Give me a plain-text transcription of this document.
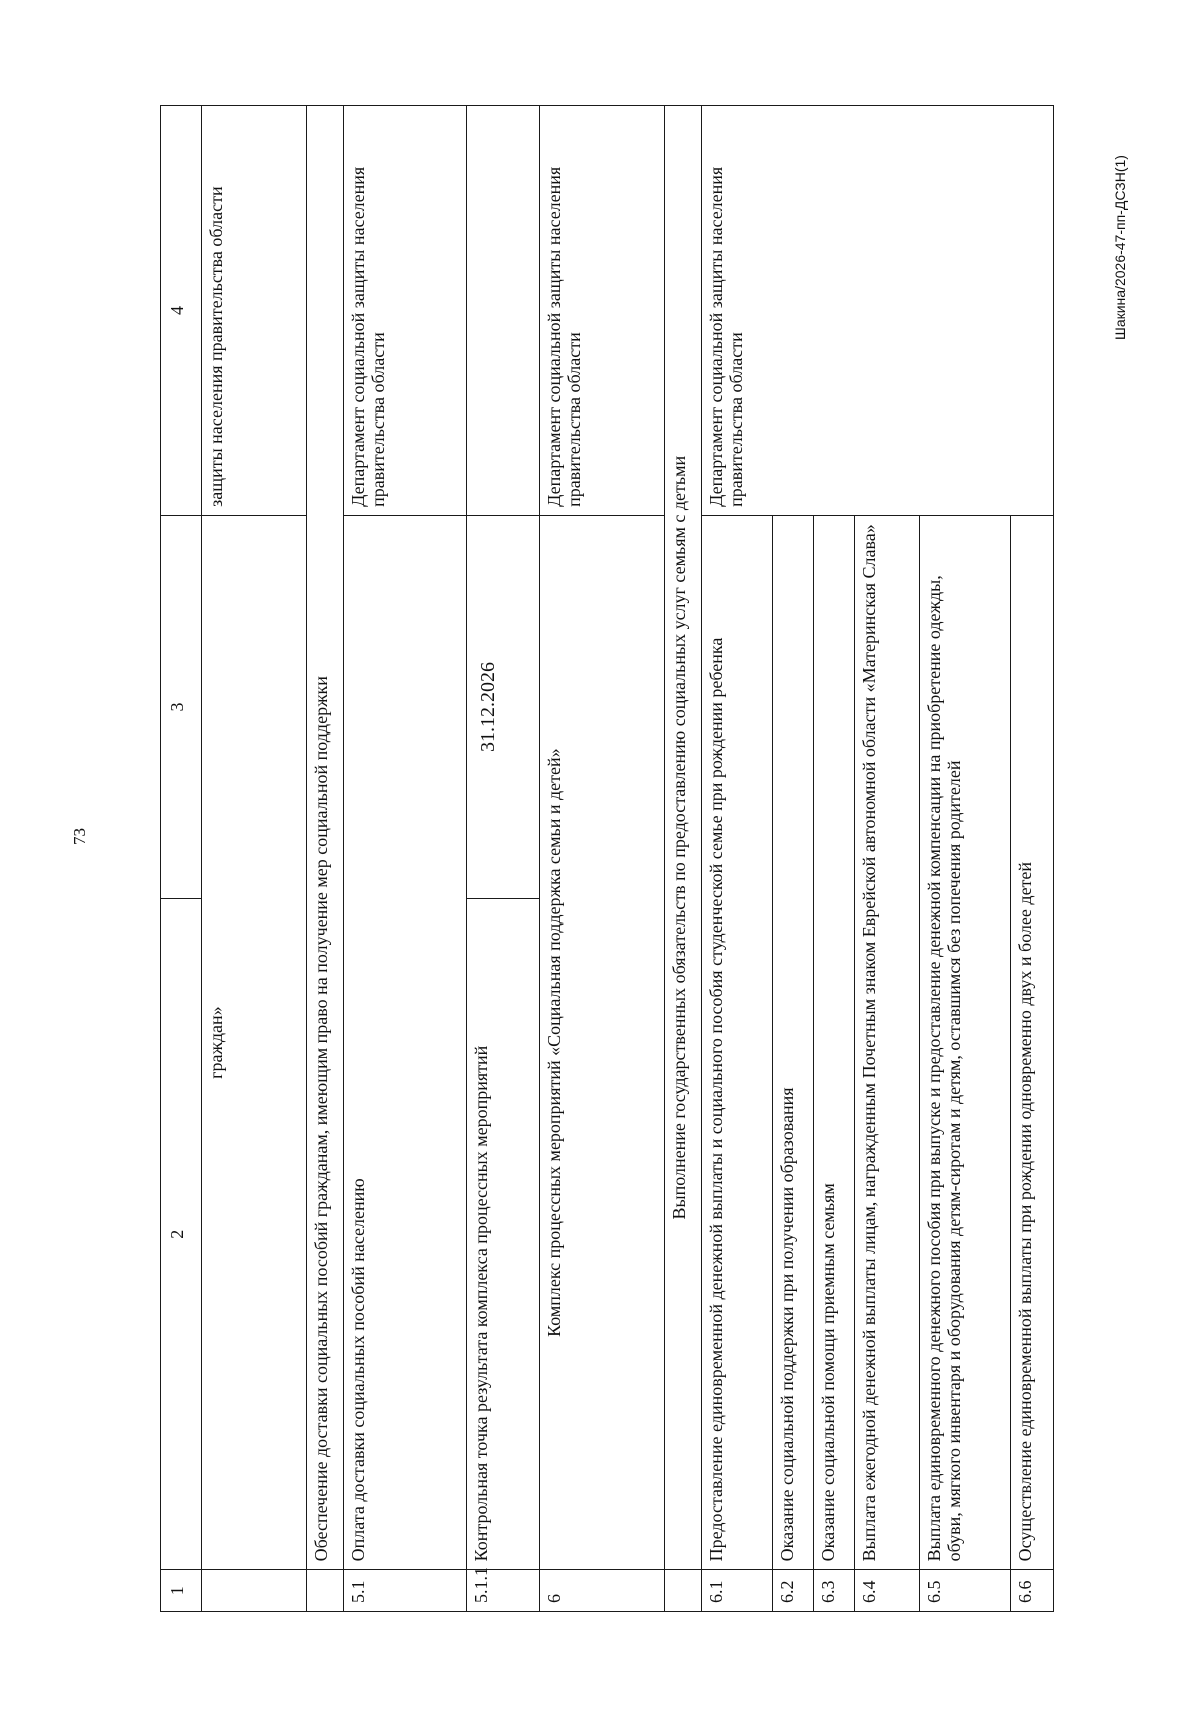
73
Шакина/2026-47-пп-ДСЗН(1)
1	2	3	4
	граждан»		защиты населения правительства области
	Обеспечение доставки социальных пособий гражданам, имеющим право на получение мер социальной поддержки		
5.1	Оплата доставки социальных пособий населению		Департамент социальной защиты населения правительства области
5.1.1	Контрольная точка результата комплекса процессных мероприятий	31.12.2026	
6	Комплекс процессных мероприятий «Социальная поддержка семьи и детей»		Департамент социальной защиты населения правительства области
	Выполнение государственных обязательств по предоставлению социальных услуг семьям с детьми		
6.1	Предоставление единовременной денежной выплаты и социального пособия студенческой семье при рождении ребенка		Департамент социальной защиты населения правительства области
6.2	Оказание социальной поддержки при получении образования		
6.3	Оказание социальной помощи приемным семьям		
6.4	Выплата ежегодной денежной выплаты лицам, награжденным Почетным знаком Еврейской автономной области «Материнская Слава»		
6.5	Выплата единовременного денежного пособия при выпуске и предоставление денежной компенсации на приобретение одежды, обуви, мягкого инвентаря и оборудования детям-сиротам и детям, оставшимся без попечения родителей		
6.6	Осуществление единовременной выплаты при рождении одновременно двух и более детей		
